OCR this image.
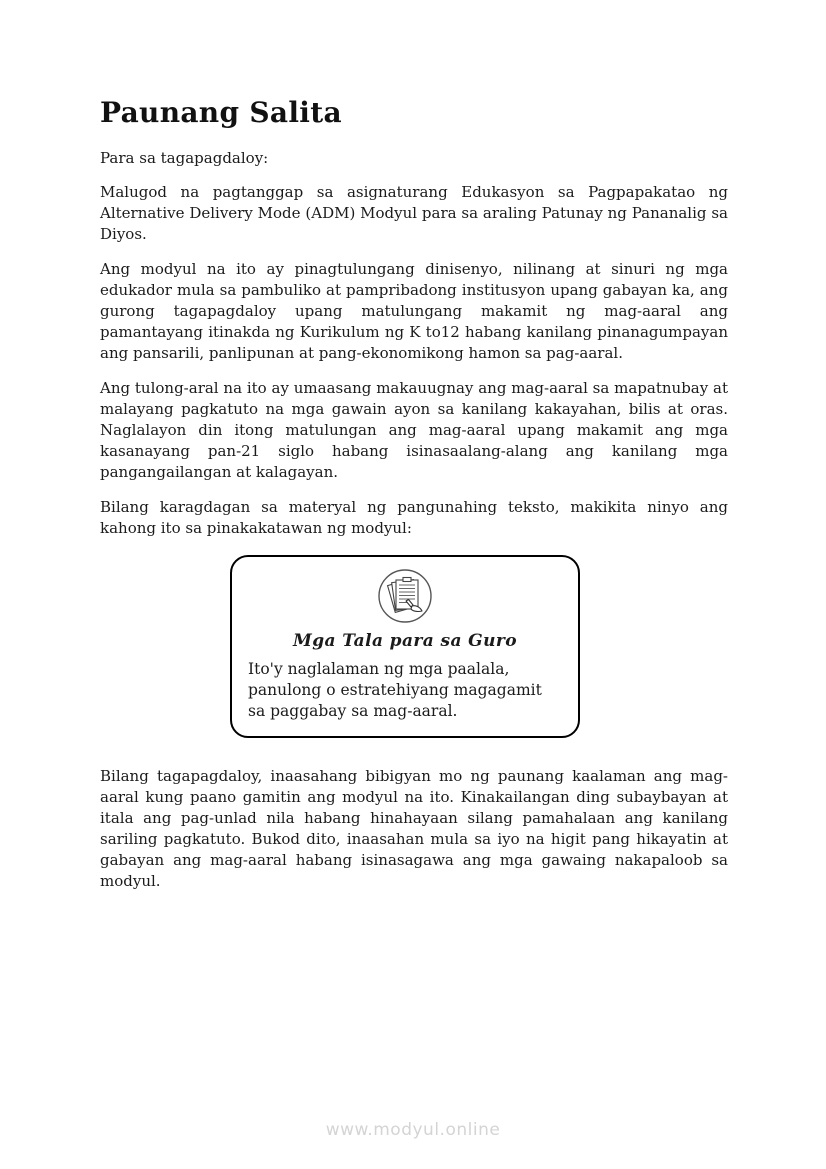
Paunang Salita

Para sa tagapagdaloy:

Malugod na pagtanggap sa asignaturang Edukasyon sa Pagpapakatao ng Alternative Delivery Mode (ADM) Modyul para sa araling Patunay ng Pananalig sa Diyos.

Ang modyul na ito ay pinagtulungang dinisenyo, nilinang at sinuri ng mga edukador mula sa pambuliko at pampribadong institusyon upang gabayan ka, ang gurong tagapagdaloy upang matulungang makamit ng mag-aaral ang pamantayang itinakda ng Kurikulum ng K to12 habang kanilang pinanagumpayan ang pansarili, panlipunan at pang-ekonomikong hamon sa pag-aaral.

Ang tulong-aral na ito ay umaasang makauugnay ang mag-aaral sa mapatnubay at malayang pagkatuto na mga gawain ayon sa kanilang kakayahan, bilis at oras. Naglalayon din itong matulungan ang mag-aaral upang makamit ang mga kasanayang pan-21 siglo habang isinasaalang-alang ang kanilang mga pangangailangan at kalagayan.

Bilang karagdagan sa materyal ng pangunahing teksto, makikita ninyo ang kahong ito sa pinakakatawan ng modyul:

Mga Tala para sa Guro
Ito'y naglalaman ng mga paalala, panulong o estratehiyang magagamit sa paggabay sa mag-aaral.

Bilang tagapagdaloy, inaasahang bibigyan mo ng paunang kaalaman ang mag-aaral kung paano gamitin ang modyul na ito. Kinakailangan ding subaybayan at itala ang pag-unlad nila habang hinahayaan silang pamahalaan ang kanilang sariling pagkatuto. Bukod dito, inaasahan mula sa iyo na higit pang hikayatin at gabayan ang mag-aaral habang isinasagawa ang mga gawaing nakapaloob sa modyul.

www.modyul.online
